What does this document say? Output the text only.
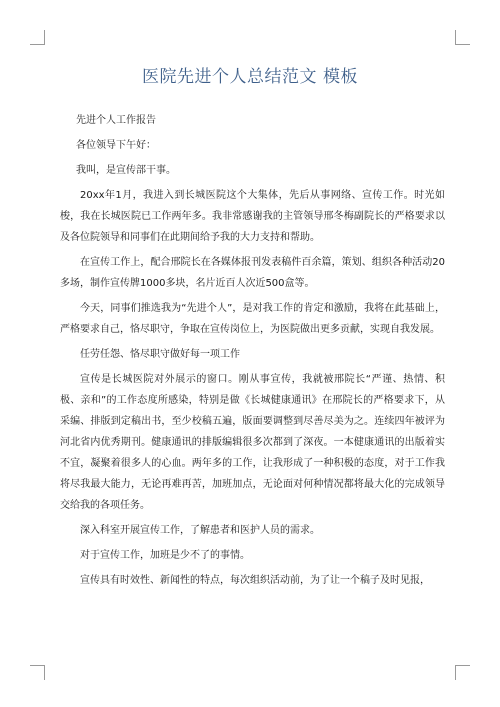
医院先进个人总结范文 模板

先进个人工作报告

各位领导下午好：

我叫，是宣传部干事。

20xx年1月，我进入到长城医院这个大集体，先后从事网络、宣传工作。时光如梭，我在长城医院已工作两年多。我非常感谢我的主管领导邢冬梅副院长的严格要求以及各位院领导和同事们在此期间给予我的大力支持和帮助。

在宣传工作上，配合邢院长在各媒体报刊发表稿件百余篇，策划、组织各种活动20多场，制作宣传牌1000多块，名片近百人次近500盒等。

今天，同事们推选我为“先进个人”，是对我工作的肯定和激励，我将在此基础上，严格要求自己，恪尽职守，争取在宣传岗位上，为医院做出更多贡献，实现自我发展。

任劳任怨、恪尽职守做好每一项工作

宣传是长城医院对外展示的窗口。刚从事宣传，我就被邢院长“严谨、热情、积极、亲和”的工作态度所感染，特别是做《长城健康通讯》在邢院长的严格要求下，从采编、排版到定稿出书，至少校稿五遍，版面要调整到尽善尽美为之。连续四年被评为河北省内优秀期刊。健康通讯的排版编辑很多次都到了深夜。一本健康通讯的出版着实不宜，凝聚着很多人的心血。两年多的工作，让我形成了一种积极的态度，对于工作我将尽我最大能力，无论再难再苦，加班加点，无论面对何种情况都将最大化的完成领导交给我的各项任务。

深入科室开展宣传工作，了解患者和医护人员的需求。

对于宣传工作，加班是少不了的事情。

宣传具有时效性、新闻性的特点，每次组织活动前，为了让一个稿子及时见报，
